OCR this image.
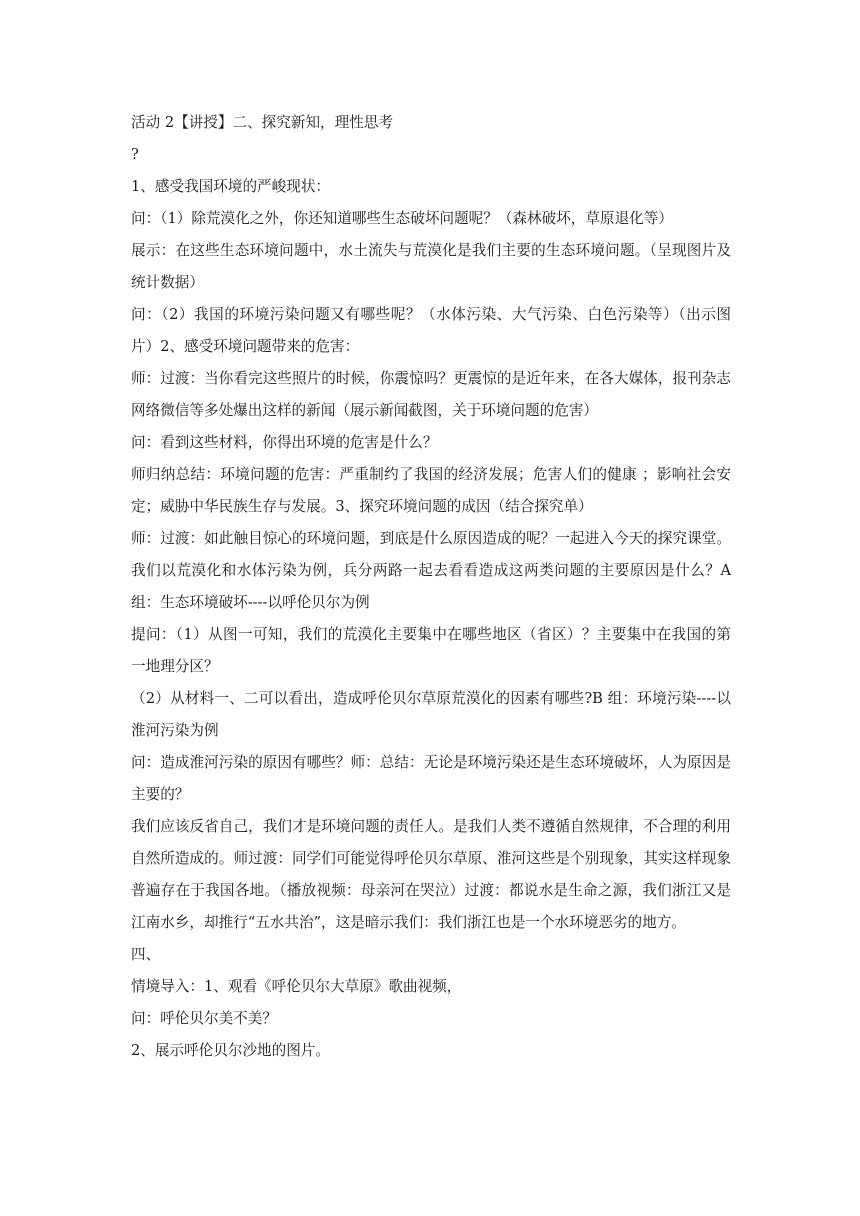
活动 2【讲授】二、探究新知，理性思考

?

1、感受我国环境的严峻现状：

问：（1）除荒漠化之外，你还知道哪些生态破坏问题呢？（森林破坏，草原退化等）

展示：在这些生态环境问题中，水土流失与荒漠化是我们主要的生态环境问题。（呈现图片及统计数据）

问：（2）我国的环境污染问题又有哪些呢？（水体污染、大气污染、白色污染等）（出示图片）2、感受环境问题带来的危害：

师：过渡：当你看完这些照片的时候，你震惊吗？更震惊的是近年来，在各大媒体，报刊杂志网络微信等多处爆出这样的新闻（展示新闻截图，关于环境问题的危害）

问：看到这些材料，你得出环境的危害是什么？

师归纳总结：环境问题的危害：严重制约了我国的经济发展；危害人们的健康 ；影响社会安定；威胁中华民族生存与发展。3、探究环境问题的成因（结合探究单）

师：过渡：如此触目惊心的环境问题，到底是什么原因造成的呢？一起进入今天的探究课堂。我们以荒漠化和水体污染为例，兵分两路一起去看看造成这两类问题的主要原因是什么？A 组：生态环境破坏----以呼伦贝尔为例

提问：（1）从图一可知，我们的荒漠化主要集中在哪些地区（省区）？主要集中在我国的第一地理分区？

（2）从材料一、二可以看出，造成呼伦贝尔草原荒漠化的因素有哪些?B 组：环境污染----以淮河污染为例

问：造成淮河污染的原因有哪些？师：总结：无论是环境污染还是生态环境破坏，人为原因是主要的？

我们应该反省自己，我们才是环境问题的责任人。是我们人类不遵循自然规律，不合理的利用自然所造成的。师过渡：同学们可能觉得呼伦贝尔草原、淮河这些是个别现象，其实这样现象普遍存在于我国各地。（播放视频：母亲河在哭泣）过渡：都说水是生命之源，我们浙江又是江南水乡，却推行“五水共治”，这是暗示我们：我们浙江也是一个水环境恶劣的地方。

四、

情境导入：1、观看《呼伦贝尔大草原》歌曲视频，

问：呼伦贝尔美不美？

2、展示呼伦贝尔沙地的图片。
